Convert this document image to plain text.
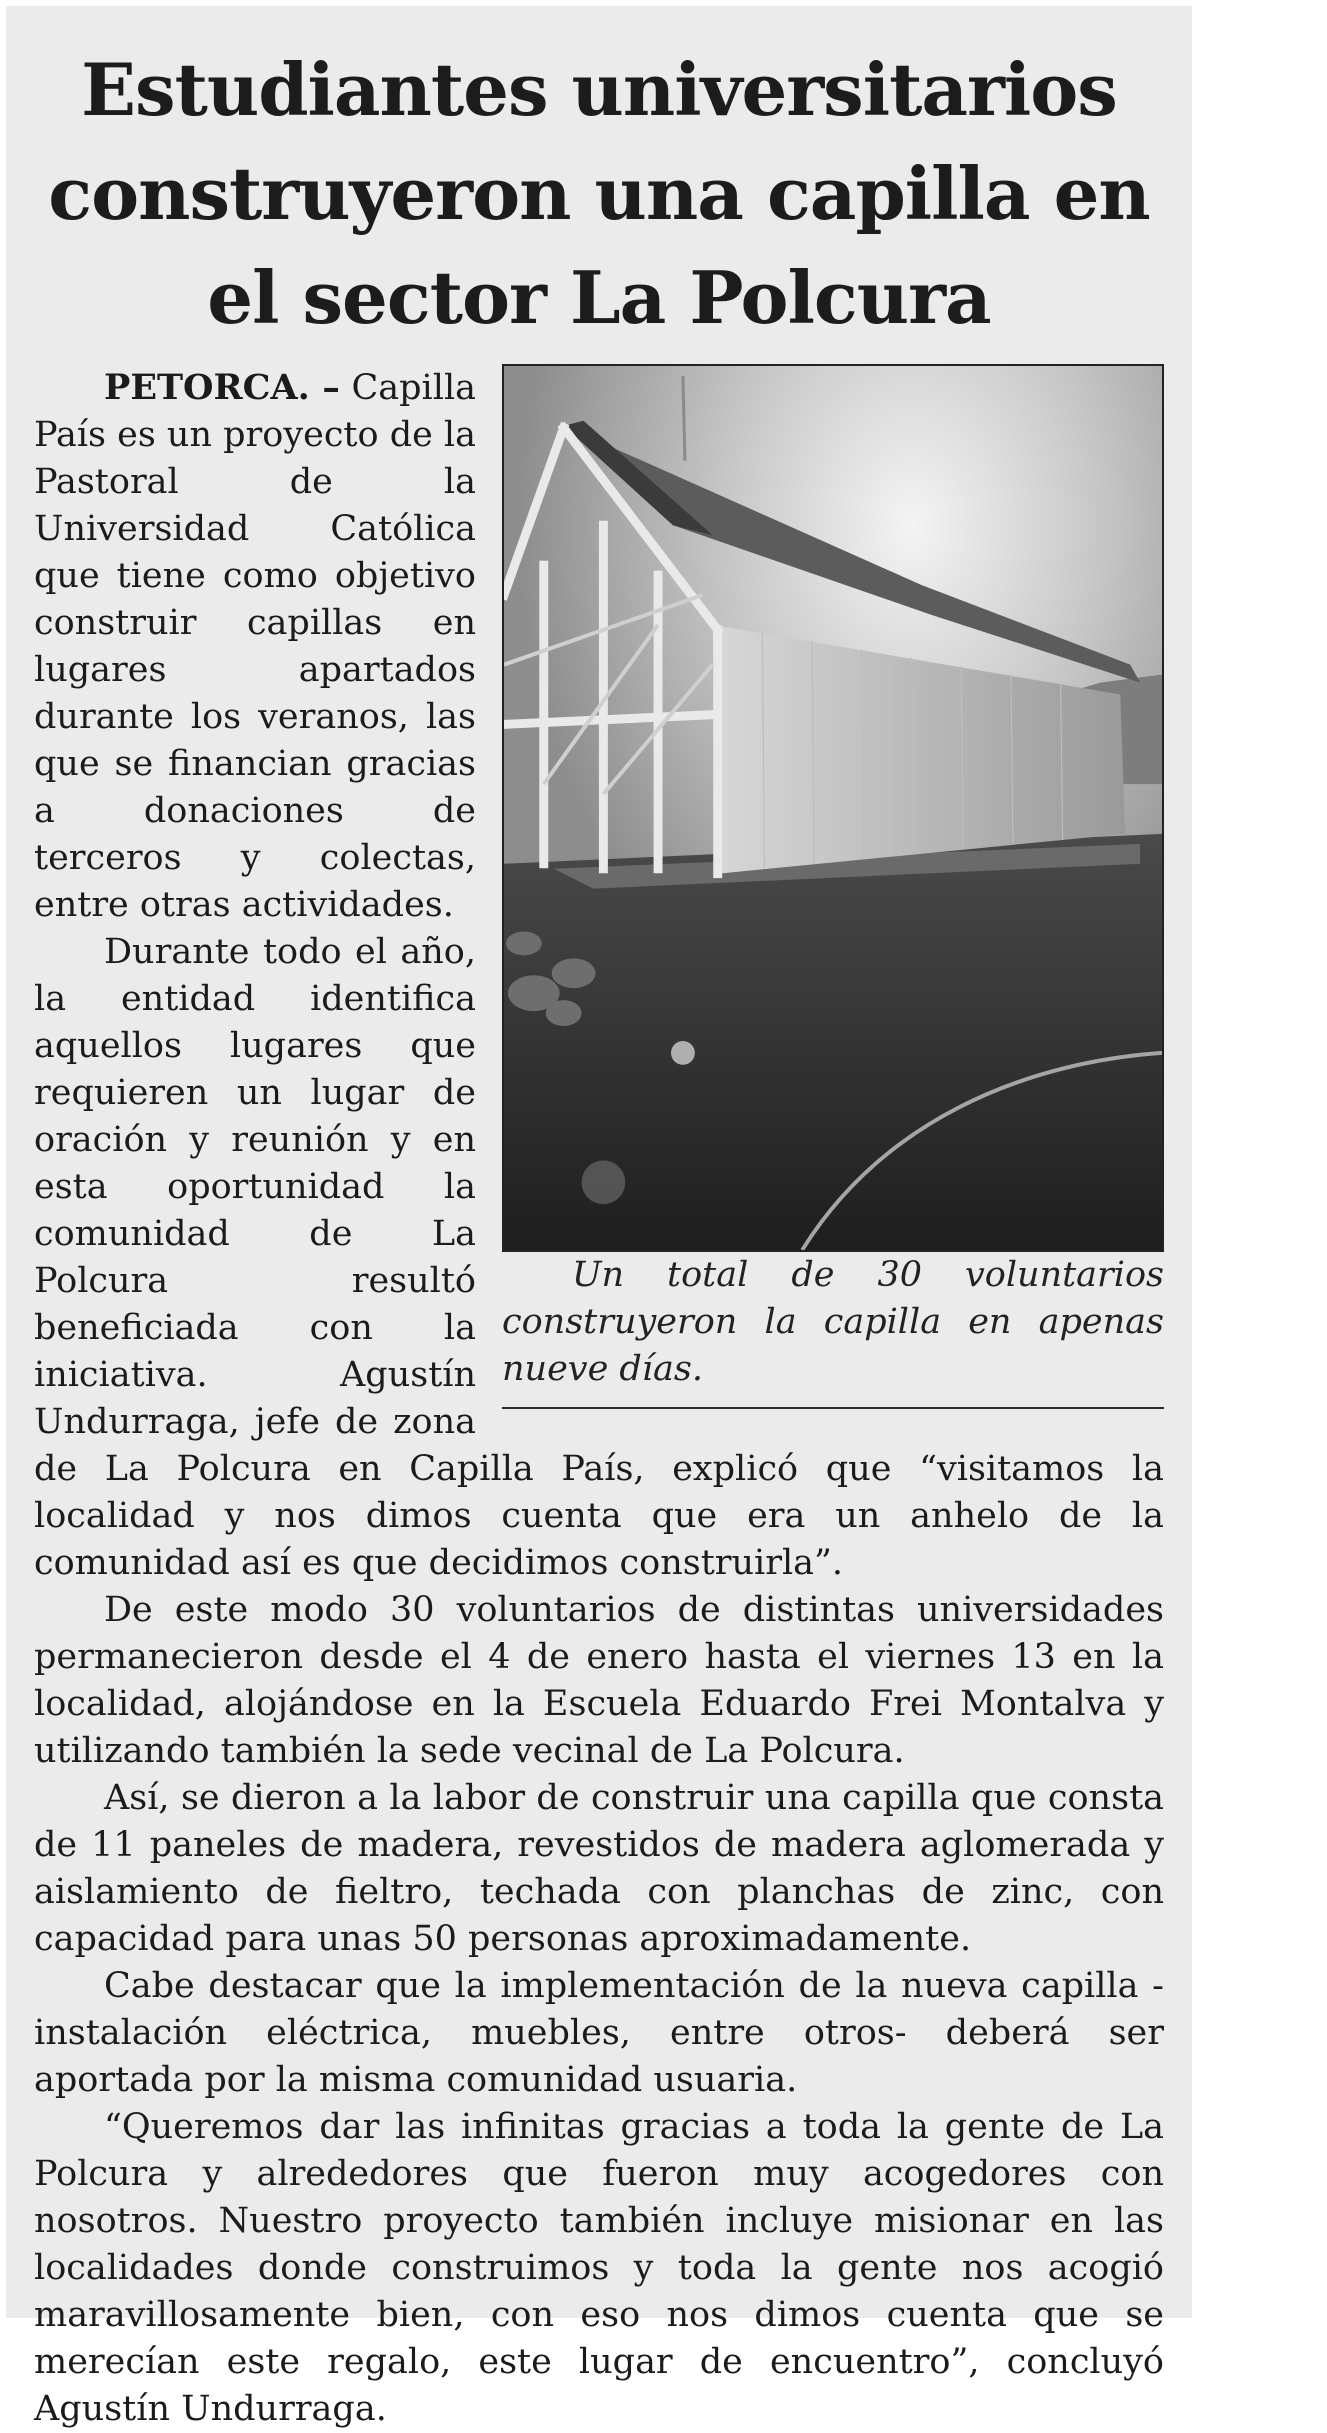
Estudiantes universitarios construyeron una capilla en el sector La Polcura

Un total de 30 voluntarios construyeron la capilla en apenas nueve días.

PETORCA. – Capilla País es un proyecto de la Pastoral de la Universidad Católica que tiene como objetivo construir capillas en lugares apartados durante los veranos, las que se financian gracias a donaciones de terceros y colectas, entre otras actividades.

Durante todo el año, la entidad identifica aquellos lugares que requieren un lugar de oración y reunión y en esta oportunidad la comunidad de La Polcura resultó beneficiada con la iniciativa. Agustín Undurraga, jefe de zona de La Polcura en Capilla País, explicó que “visitamos la localidad y nos dimos cuenta que era un anhelo de la comunidad así es que decidimos construirla”.

De este modo 30 voluntarios de distintas universidades permanecieron desde el 4 de enero hasta el viernes 13 en la localidad, alojándose en la Escuela Eduardo Frei Montalva y utilizando también la sede vecinal de La Polcura.

Así, se dieron a la labor de construir una capilla que consta de 11 paneles de madera, revestidos de madera aglomerada y aislamiento de fieltro, techada con planchas de zinc, con capacidad para unas 50 personas aproximadamente.

Cabe destacar que la implementación de la nueva capilla -instalación eléctrica, muebles, entre otros- deberá ser aportada por la misma comunidad usuaria.

“Queremos dar las infinitas gracias a toda la gente de La Polcura y alrededores que fueron muy acogedores con nosotros. Nuestro proyecto también incluye misionar en las localidades donde construimos y toda la gente nos acogió maravillosamente bien, con eso nos dimos cuenta que se merecían este regalo, este lugar de encuentro”, concluyó Agustín Undurraga.
